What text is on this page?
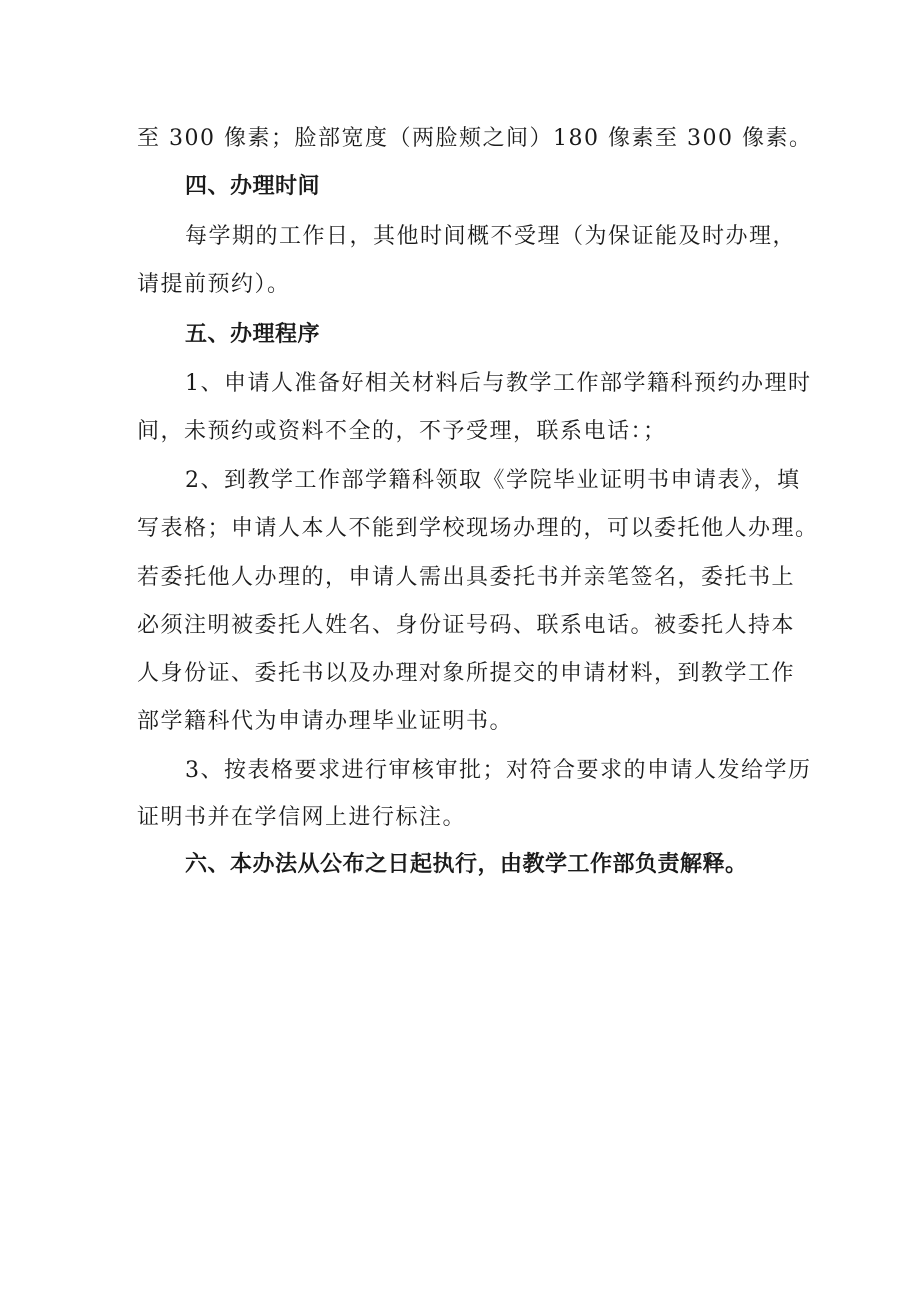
至 300 像素；脸部宽度（两脸颊之间）180 像素至 300 像素。
四、办理时间
每学期的工作日，其他时间概不受理（为保证能及时办理，
请提前预约）。
五、办理程序
1、申请人准备好相关材料后与教学工作部学籍科预约办理时
间，未预约或资料不全的，不予受理，联系电话：；
2、到教学工作部学籍科领取《学院毕业证明书申请表》，填
写表格；申请人本人不能到学校现场办理的，可以委托他人办理。
若委托他人办理的，申请人需出具委托书并亲笔签名，委托书上
必须注明被委托人姓名、身份证号码、联系电话。被委托人持本
人身份证、委托书以及办理对象所提交的申请材料，到教学工作
部学籍科代为申请办理毕业证明书。
3、按表格要求进行审核审批；对符合要求的申请人发给学历
证明书并在学信网上进行标注。
六、本办法从公布之日起执行，由教学工作部负责解释。
